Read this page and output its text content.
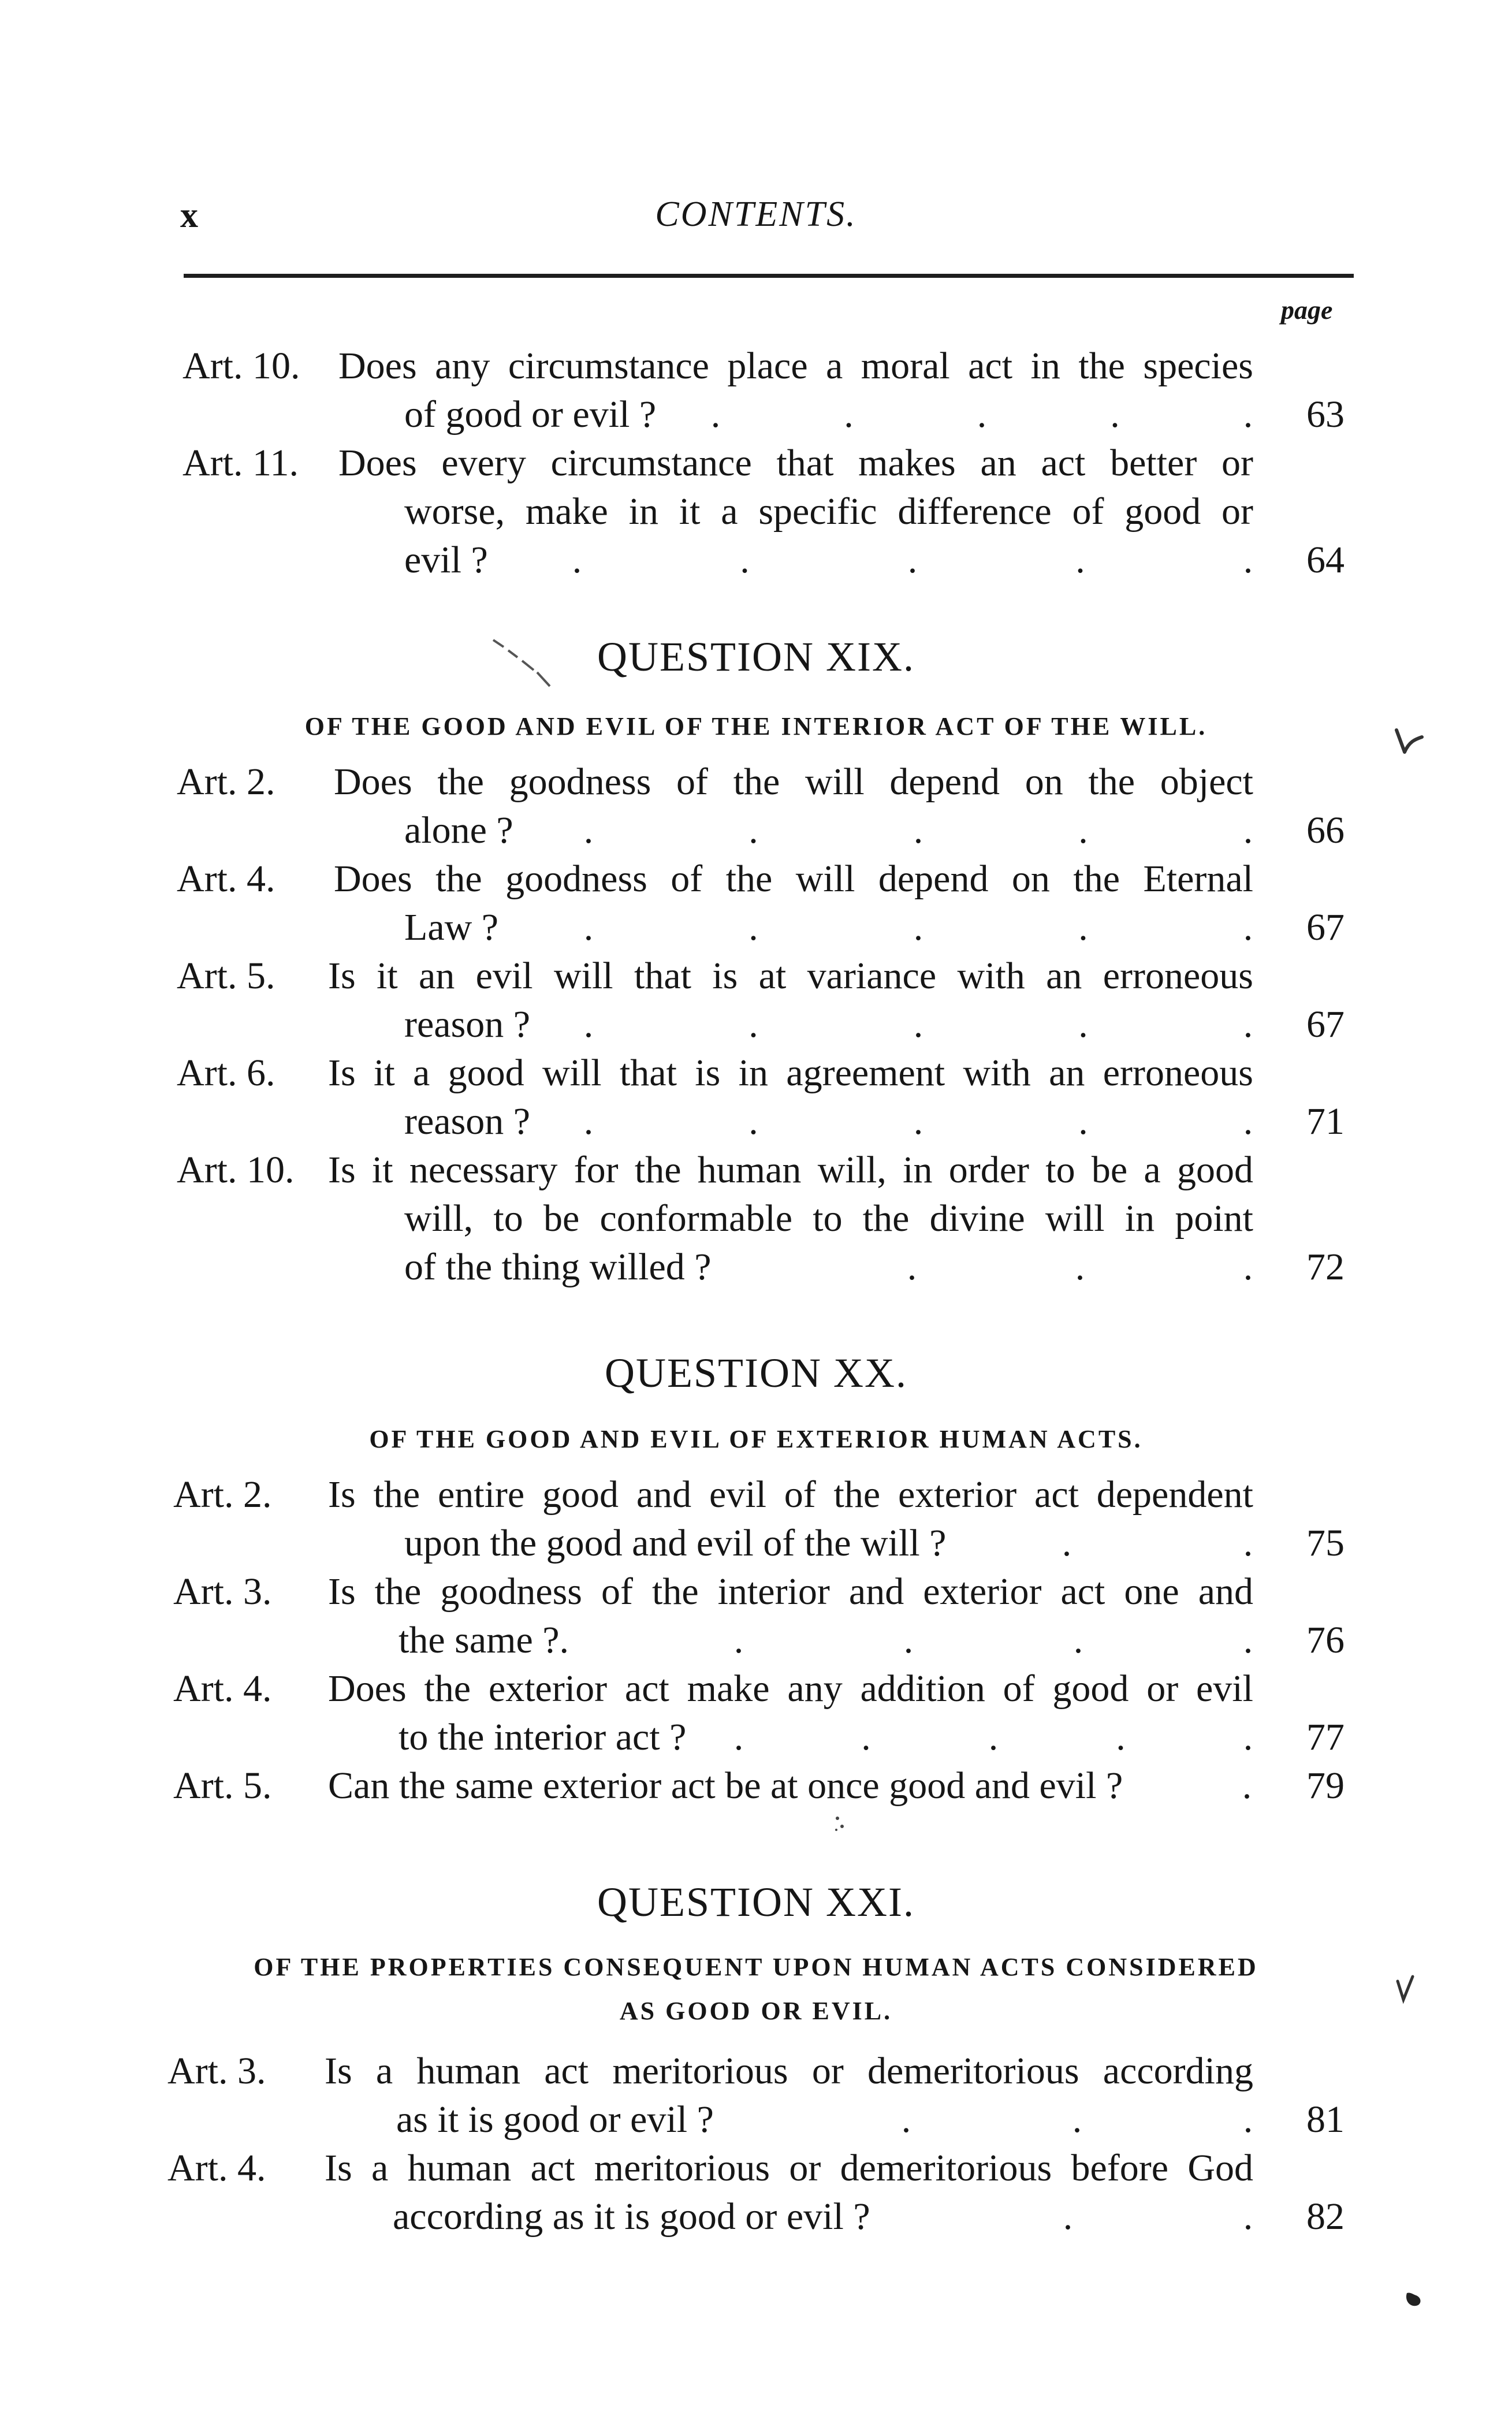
x	CONTENTS.
page
Art. 10. Does any circumstance place a moral act in the species
of good or evil ? .	.	.	.	. 63
Art. 11. Does every circumstance that makes an act better or
worse, make in it a specific difference of good or
evil ? .	.	.	.	. 64
QUESTION XIX.
OF THE GOOD AND EVIL OF THE INTERIOR ACT OF THE WILL.
Art. 2. Does the goodness of the will depend on the object
alone ? .	.	.	.	. 66
Art. 4. Does the goodness of the will depend on the Eternal
Law ? .	.	.	.	. 67
Art. 5. Is it an evil will that is at variance with an erroneous
reason ? .	.	.	.	. 67
Art. 6. Is it a good will that is in agreement with an erroneous
reason ? .	.	.	.	. 71
Art. 10. Is it necessary for the human will, in order to be a good
will, to be conformable to the divine will in point
of the thing willed ?	.	.	. 72
QUESTION XX.
OF THE GOOD AND EVIL OF EXTERIOR HUMAN ACTS.
Art. 2. Is the entire good and evil of the exterior act dependent
upon the good and evil of the will ?	.	. 75
Art. 3. Is the goodness of the interior and exterior act one and
the same ?.	.	.	.	. 76
Art. 4. Does the exterior act make any addition of good or evil
to the interior act ? .	.	.	.	. 77
Art. 5. Can the same exterior act be at once good and evil ?	. 79
QUESTION XXI.
OF THE PROPERTIES CONSEQUENT UPON HUMAN ACTS CONSIDERED
AS GOOD OR EVIL.
Art. 3. Is a human act meritorious or demeritorious according
as it is good or evil ?	.	.	. 81
Art. 4. Is a human act meritorious or demeritorious before God
according as it is good or evil ?	.	. 82
